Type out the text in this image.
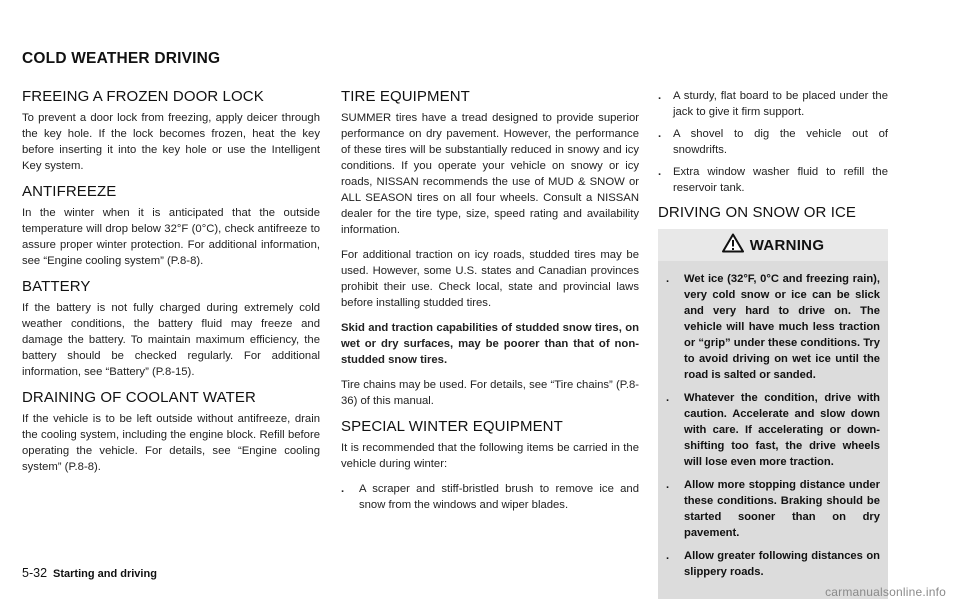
COLD WEATHER DRIVING
FREEING A FROZEN DOOR LOCK

To prevent a door lock from freezing, apply deicer through the key hole. If the lock becomes frozen, heat the key before inserting it into the key hole or use the Intelligent Key system.

ANTIFREEZE

In the winter when it is anticipated that the outside temperature will drop below 32°F (0°C), check antifreeze to assure proper winter protection. For additional information, see “Engine cooling system” (P.8-8).

BATTERY

If the battery is not fully charged during extremely cold weather conditions, the battery fluid may freeze and damage the battery. To maintain maximum efficiency, the battery should be checked regularly. For additional information, see “Battery” (P.8-15).

DRAINING OF COOLANT WATER

If the vehicle is to be left outside without antifreeze, drain the cooling system, including the engine block. Refill before operating the vehicle. For details, see “Engine cooling system” (P.8-8).

TIRE EQUIPMENT

SUMMER tires have a tread designed to provide superior performance on dry pavement. However, the performance of these tires will be substantially reduced in snowy and icy conditions. If you operate your vehicle on snowy or icy roads, NISSAN recommends the use of MUD & SNOW or ALL SEASON tires on all four wheels. Consult a NISSAN dealer for the tire type, size, speed rating and availability information.

For additional traction on icy roads, studded tires may be used. However, some U.S. states and Canadian provinces prohibit their use. Check local, state and provincial laws before installing studded tires.

Skid and traction capabilities of studded snow tires, on wet or dry surfaces, may be poorer than that of non-studded snow tires.

Tire chains may be used. For details, see “Tire chains” (P.8-36) of this manual.

SPECIAL WINTER EQUIPMENT

It is recommended that the following items be carried in the vehicle during winter:

. A scraper and stiff-bristled brush to remove ice and snow from the windows and wiper blades.
. A sturdy, flat board to be placed under the jack to give it firm support.
. A shovel to dig the vehicle out of snowdrifts.
. Extra window washer fluid to refill the reservoir tank.
DRIVING ON SNOW OR ICE
WARNING
. Wet ice (32°F, 0°C and freezing rain), very cold snow or ice can be slick and very hard to drive on. The vehicle will have much less traction or “grip” under these conditions. Try to avoid driving on wet ice until the road is salted or sanded.
. Whatever the condition, drive with caution. Accelerate and slow down with care. If accelerating or down-shifting too fast, the drive wheels will lose even more traction.
. Allow more stopping distance under these conditions. Braking should be started sooner than on dry pavement.
. Allow greater following distances on slippery roads.
5-32 Starting and driving
carmanualsonline.info
